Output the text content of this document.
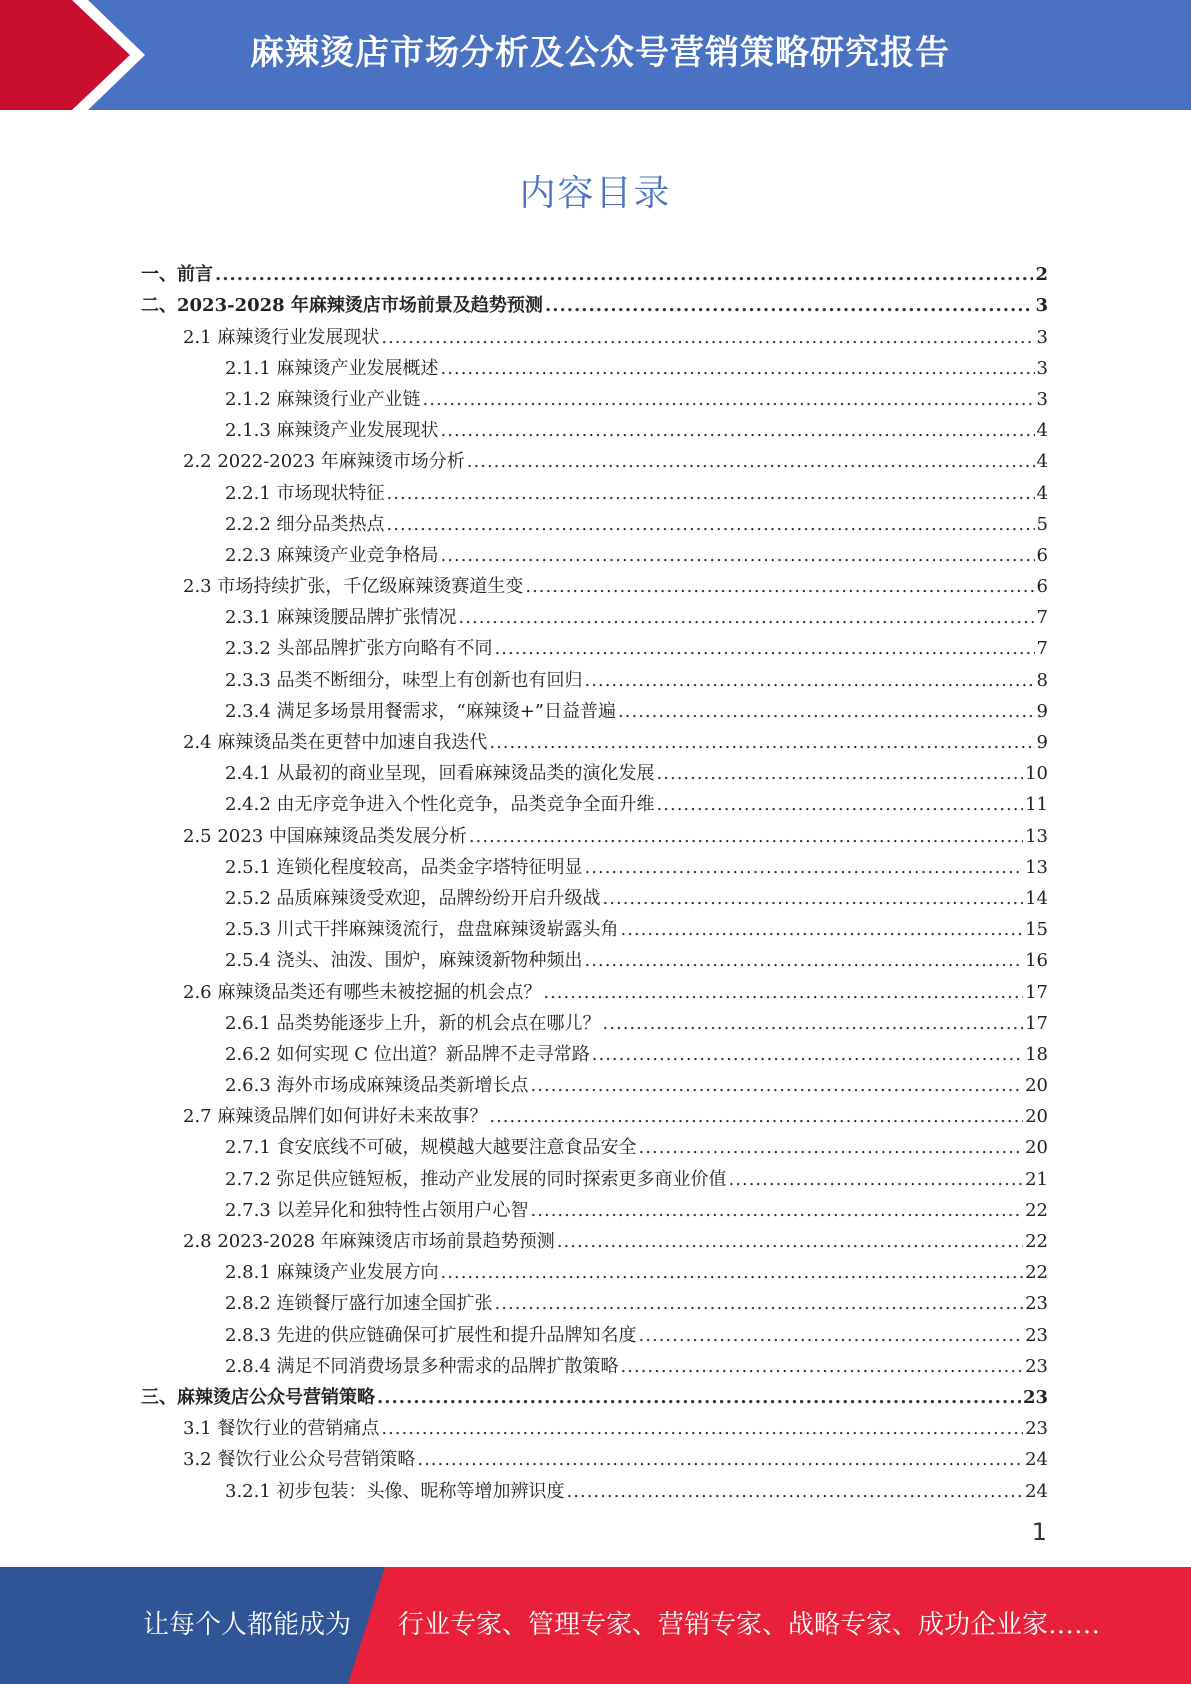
麻辣烫店市场分析及公众号营销策略研究报告
内容目录
一、前言 .....	2
二、2023-2028 年麻辣烫店市场前景及趋势预测 .....	3
2.1 麻辣烫行业发展现状 .....	3
2.1.1 麻辣烫产业发展概述 .....	3
2.1.2 麻辣烫行业产业链 .....	3
2.1.3 麻辣烫产业发展现状 .....	4
2.2 2022-2023 年麻辣烫市场分析 .....	4
2.2.1 市场现状特征 .....	4
2.2.2 细分品类热点 .....	5
2.2.3 麻辣烫产业竞争格局 .....	6
2.3 市场持续扩张，千亿级麻辣烫赛道生变 .....	6
2.3.1 麻辣烫腰品牌扩张情况 .....	7
2.3.2 头部品牌扩张方向略有不同 .....	7
2.3.3 品类不断细分，味型上有创新也有回归 .....	8
2.3.4 满足多场景用餐需求，“麻辣烫+”日益普遍 .....	9
2.4 麻辣烫品类在更替中加速自我迭代 .....	9
2.4.1 从最初的商业呈现，回看麻辣烫品类的演化发展 .....	10
2.4.2 由无序竞争进入个性化竞争，品类竞争全面升维 .....	11
2.5 2023 中国麻辣烫品类发展分析 .....	13
2.5.1 连锁化程度较高，品类金字塔特征明显 .....	13
2.5.2 品质麻辣烫受欢迎，品牌纷纷开启升级战 .....	14
2.5.3 川式干拌麻辣烫流行，盘盘麻辣烫崭露头角 .....	15
2.5.4 浇头、油泼、围炉，麻辣烫新物种频出 .....	16
2.6 麻辣烫品类还有哪些未被挖掘的机会点？ .....	17
2.6.1 品类势能逐步上升，新的机会点在哪儿？ .....	17
2.6.2 如何实现 C 位出道？新品牌不走寻常路 .....	18
2.6.3 海外市场成麻辣烫品类新增长点 .....	20
2.7 麻辣烫品牌们如何讲好未来故事？ .....	20
2.7.1 食安底线不可破，规模越大越要注意食品安全 .....	20
2.7.2 弥足供应链短板，推动产业发展的同时探索更多商业价值 .....	21
2.7.3 以差异化和独特性占领用户心智 .....	22
2.8 2023-2028 年麻辣烫店市场前景趋势预测 .....	22
2.8.1 麻辣烫产业发展方向 .....	22
2.8.2 连锁餐厅盛行加速全国扩张 .....	23
2.8.3 先进的供应链确保可扩展性和提升品牌知名度 .....	23
2.8.4 满足不同消费场景多种需求的品牌扩散策略 .....	23
三、麻辣烫店公众号营销策略 .....	23
3.1 餐饮行业的营销痛点 .....	23
3.2 餐饮行业公众号营销策略 .....	24
3.2.1 初步包装：头像、昵称等增加辨识度 .....	24
1
让每个人都能成为 行业专家、管理专家、营销专家、战略专家、成功企业家……
